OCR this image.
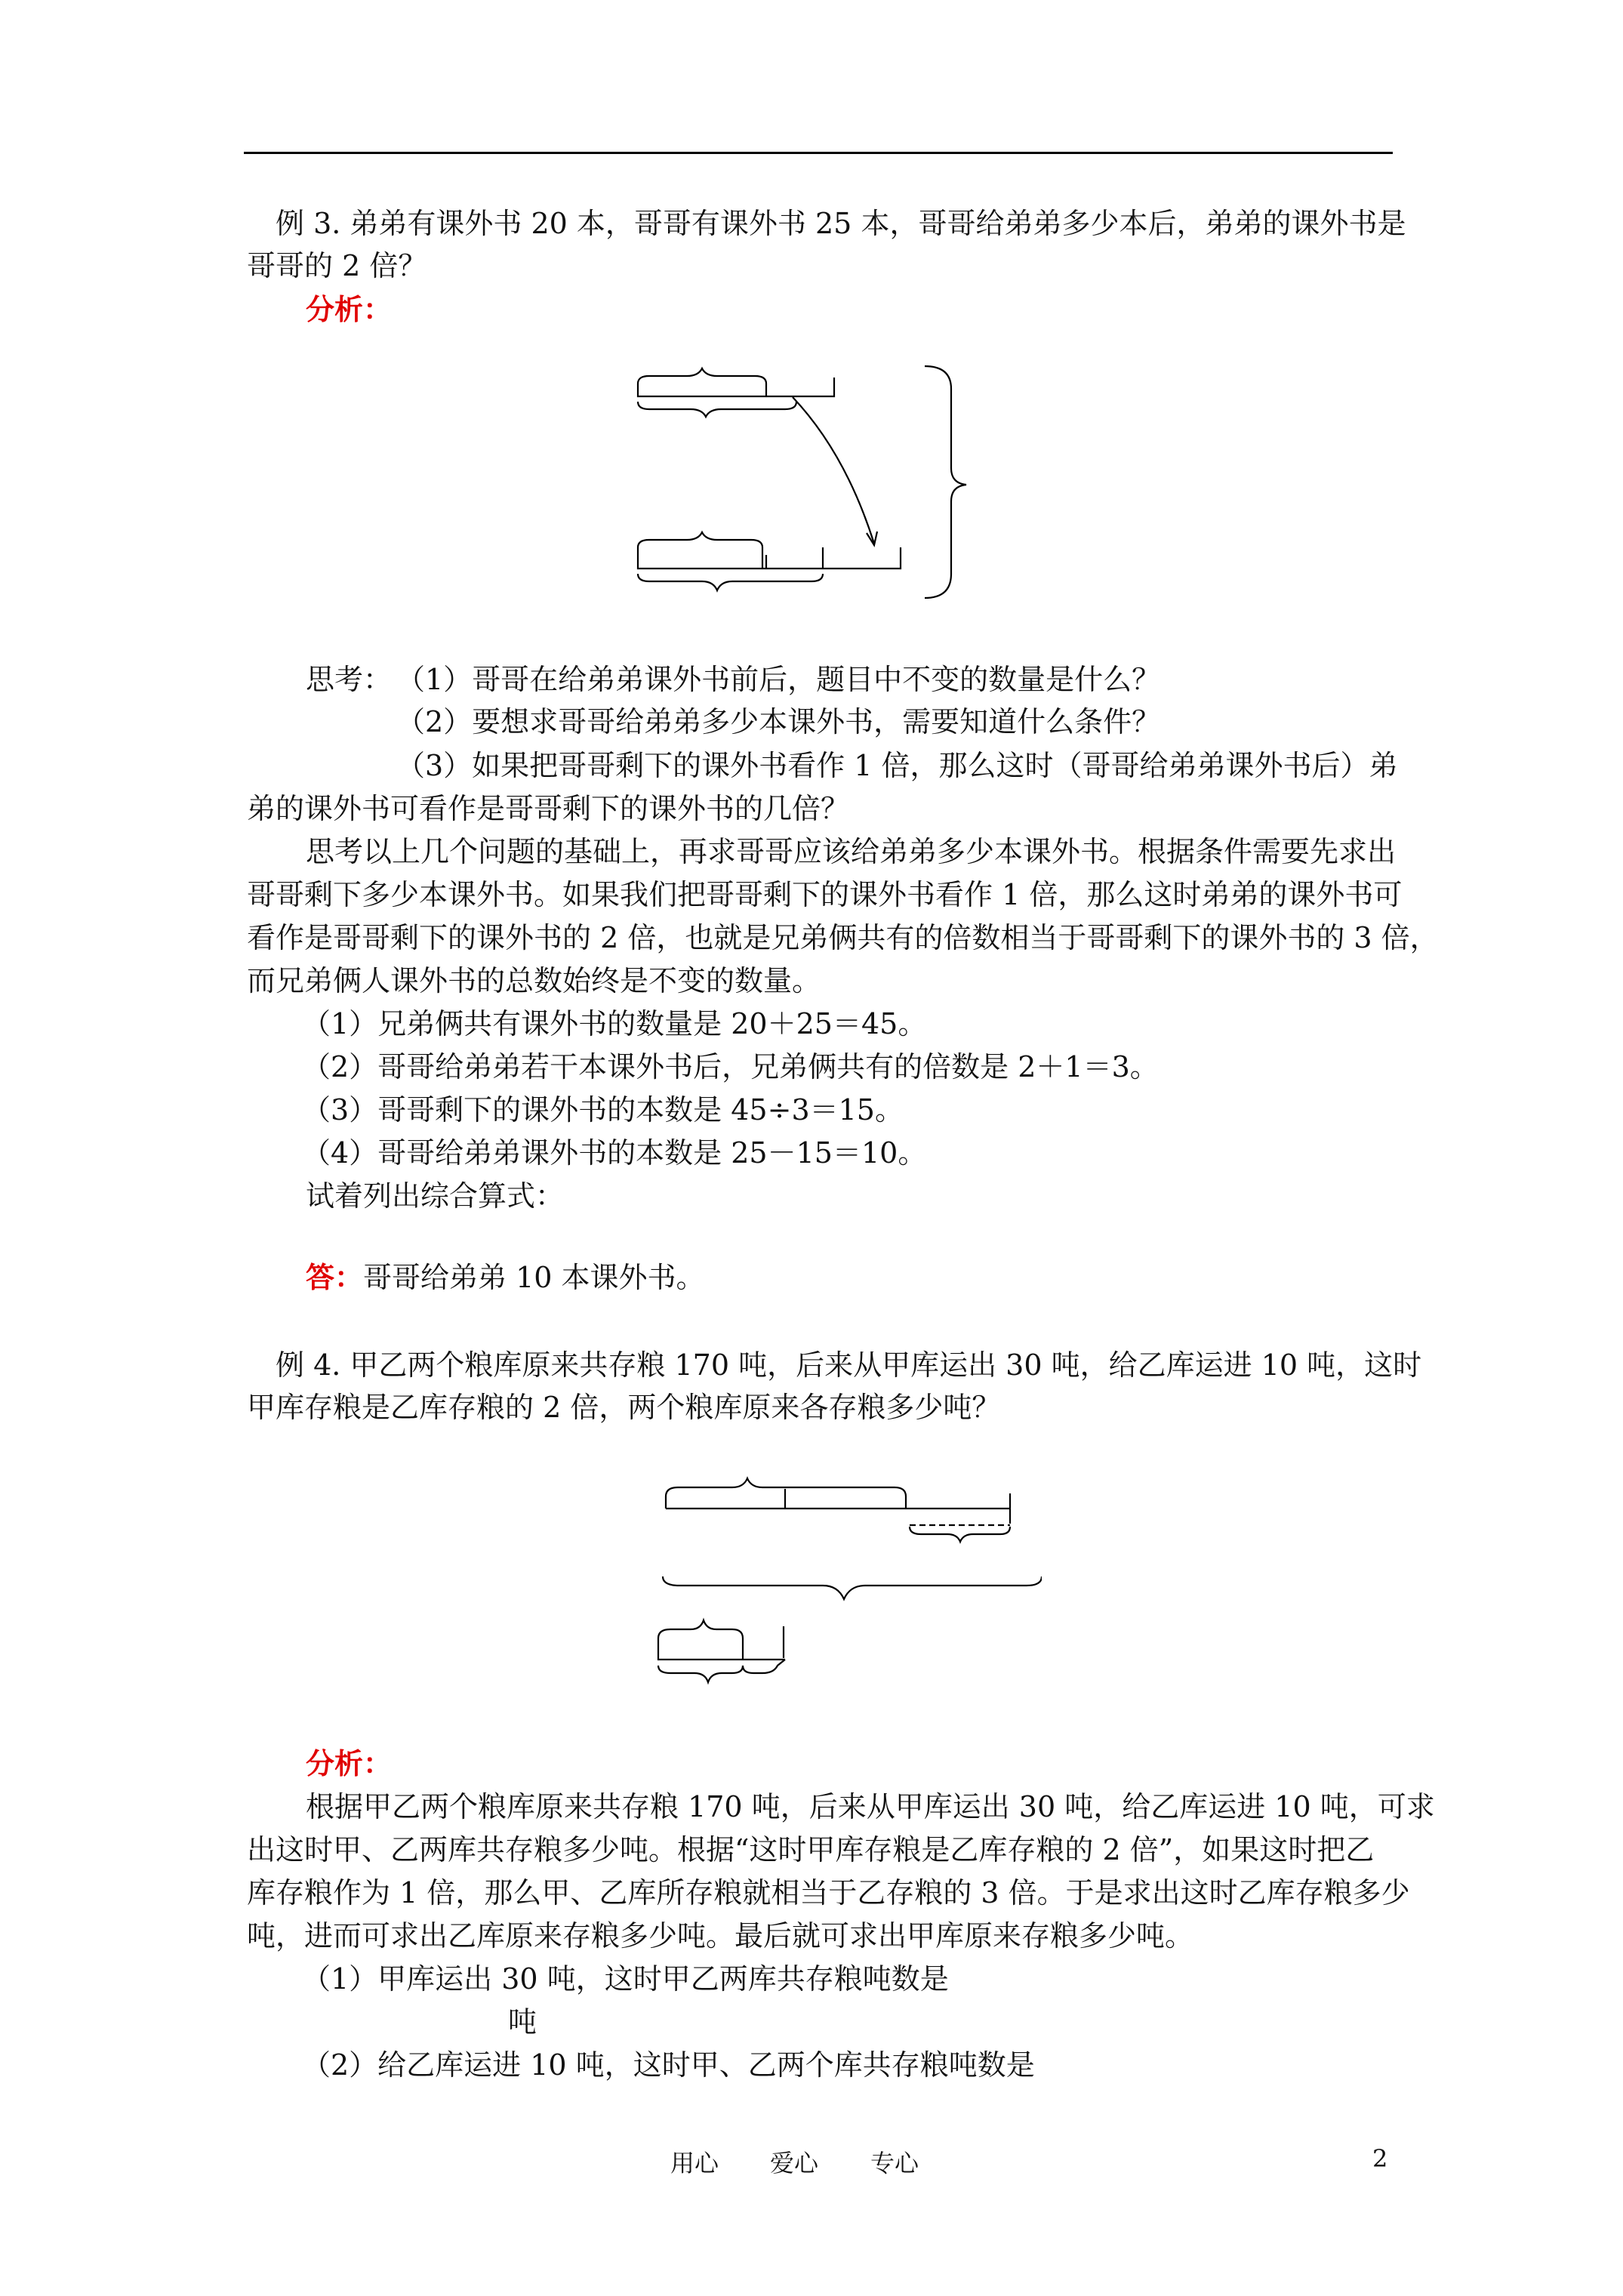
例 3. 弟弟有课外书 20 本，哥哥有课外书 25 本，哥哥给弟弟多少本后，弟弟的课外书是
哥哥的 2 倍？
分析：
思考： （1）哥哥在给弟弟课外书前后，题目中不变的数量是什么？
（2）要想求哥哥给弟弟多少本课外书，需要知道什么条件？
（3）如果把哥哥剩下的课外书看作 1 倍，那么这时（哥哥给弟弟课外书后）弟
弟的课外书可看作是哥哥剩下的课外书的几倍？
思考以上几个问题的基础上，再求哥哥应该给弟弟多少本课外书。根据条件需要先求出
哥哥剩下多少本课外书。如果我们把哥哥剩下的课外书看作 1 倍，那么这时弟弟的课外书可
看作是哥哥剩下的课外书的 2 倍，也就是兄弟俩共有的倍数相当于哥哥剩下的课外书的 3 倍，
而兄弟俩人课外书的总数始终是不变的数量。
（1）兄弟俩共有课外书的数量是 20＋25＝45。
（2）哥哥给弟弟若干本课外书后，兄弟俩共有的倍数是 2＋1＝3。
（3）哥哥剩下的课外书的本数是 45÷3＝15。
（4）哥哥给弟弟课外书的本数是 25－15＝10。
试着列出综合算式：
答：哥哥给弟弟 10 本课外书。
例 4. 甲乙两个粮库原来共存粮 170 吨，后来从甲库运出 30 吨，给乙库运进 10 吨，这时
甲库存粮是乙库存粮的 2 倍，两个粮库原来各存粮多少吨？
分析：
根据甲乙两个粮库原来共存粮 170 吨，后来从甲库运出 30 吨，给乙库运进 10 吨，可求
出这时甲、乙两库共存粮多少吨。根据“这时甲库存粮是乙库存粮的 2 倍”，如果这时把乙
库存粮作为 1 倍，那么甲、乙库所存粮就相当于乙存粮的 3 倍。于是求出这时乙库存粮多少
吨，进而可求出乙库原来存粮多少吨。最后就可求出甲库原来存粮多少吨。
（1）甲库运出 30 吨，这时甲乙两库共存粮吨数是
吨
（2）给乙库运进 10 吨，这时甲、乙两个库共存粮吨数是
用心 爱心 专心	2
